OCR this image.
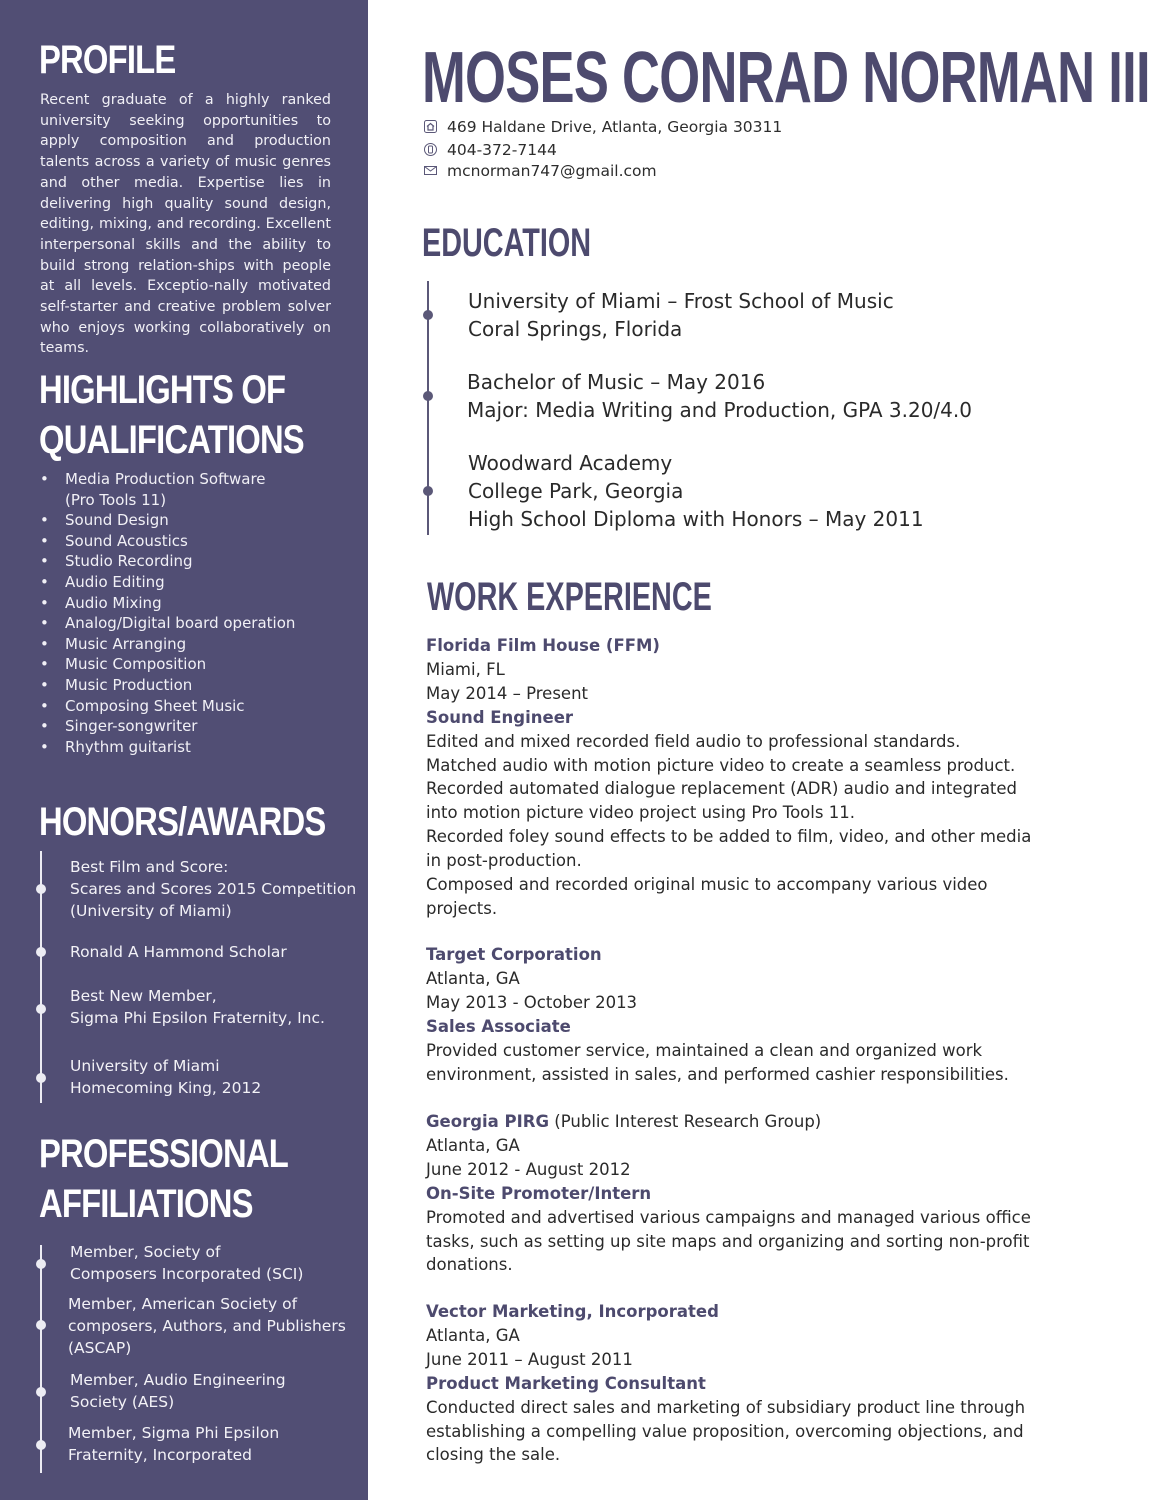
PROFILE
Recent graduate of a highly ranked university seeking opportunities to apply composition and production talents across a variety of music genres and other media. Expertise lies in delivering high quality sound design, editing, mixing, and recording. Excellent interpersonal skills and the ability to build strong relation-ships with people at all levels. Exceptio-nally motivated self-starter and creative problem solver who enjoys working collaboratively on teams.
HIGHLIGHTS OF
QUALIFICATIONS
• Media Production Software
(Pro Tools 11)
• Sound Design
• Sound Acoustics
• Studio Recording
• Audio Editing
• Audio Mixing
• Analog/Digital board operation
• Music Arranging
• Music Composition
• Music Production
• Composing Sheet Music
• Singer-songwriter
• Rhythm guitarist
HONORS/AWARDS
Best Film and Score:
Scares and Scores 2015 Competition
(University of Miami)
Ronald A Hammond Scholar
Best New Member,
Sigma Phi Epsilon Fraternity, Inc.
University of Miami
Homecoming King, 2012
PROFESSIONAL
AFFILIATIONS
Member, Society of
Composers Incorporated (SCI)
Member, American Society of
composers, Authors, and Publishers
(ASCAP)
Member, Audio Engineering
Society (AES)
Member, Sigma Phi Epsilon
Fraternity, Incorporated
MOSES CONRAD NORMAN III
469 Haldane Drive, Atlanta, Georgia 30311
404-372-7144
mcnorman747@gmail.com
EDUCATION
University of Miami – Frost School of Music
Coral Springs, Florida
Bachelor of Music – May 2016
Major: Media Writing and Production, GPA 3.20/4.0
Woodward Academy
College Park, Georgia
High School Diploma with Honors – May 2011
WORK EXPERIENCE
Florida Film House (FFM)
Miami, FL
May 2014 – Present
Sound Engineer
Edited and mixed recorded field audio to professional standards.
Matched audio with motion picture video to create a seamless product.
Recorded automated dialogue replacement (ADR) audio and integrated
into motion picture video project using Pro Tools 11.
Recorded foley sound effects to be added to film, video, and other media
in post-production.
Composed and recorded original music to accompany various video
projects.
Target Corporation
Atlanta, GA
May 2013 - October 2013
Sales Associate
Provided customer service, maintained a clean and organized work
environment, assisted in sales, and performed cashier responsibilities.
Georgia PIRG (Public Interest Research Group)
Atlanta, GA
June 2012 - August 2012
On-Site Promoter/Intern
Promoted and advertised various campaigns and managed various office
tasks, such as setting up site maps and organizing and sorting non-profit
donations.
Vector Marketing, Incorporated
Atlanta, GA
June 2011 – August 2011
Product Marketing Consultant
Conducted direct sales and marketing of subsidiary product line through
establishing a compelling value proposition, overcoming objections, and
closing the sale.
